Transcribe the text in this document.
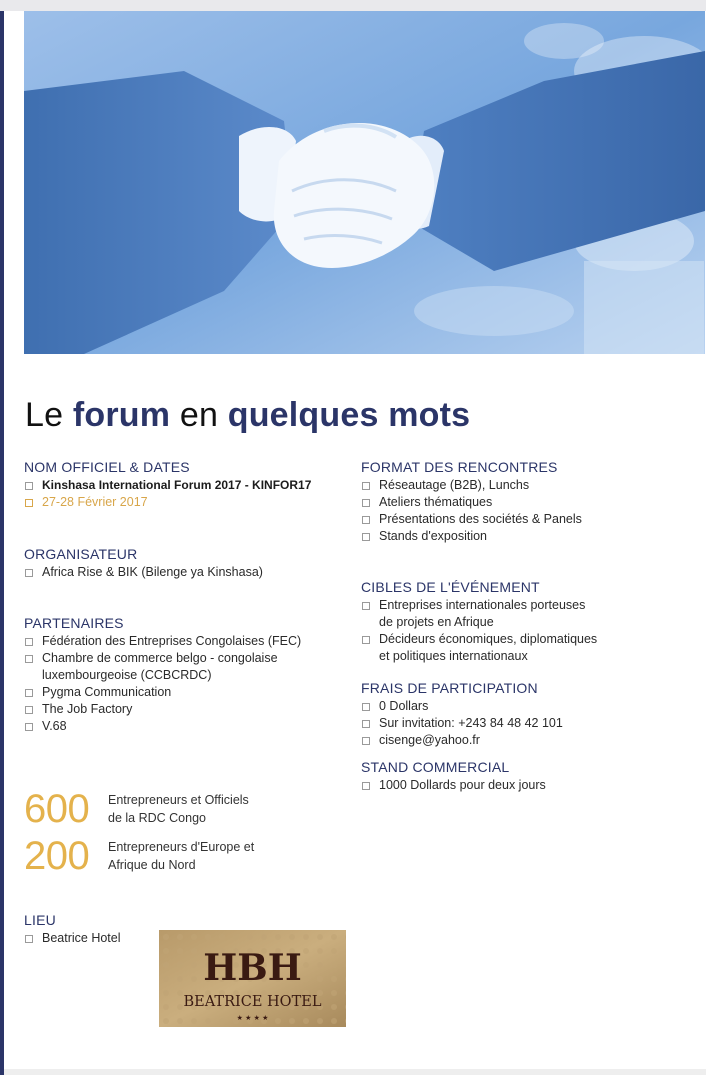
Le forum en quelques mots
NOM OFFICIEL & DATES
Kinshasa International Forum 2017 - KINFOR17
27-28 Février 2017
ORGANISATEUR
Africa Rise & BIK (Bilenge ya Kinshasa)
PARTENAIRES
Fédération des Entreprises Congolaises (FEC)
Chambre de commerce belgo - congolaise
luxembourgeoise (CCBCRDC)
Pygma Communication
The Job Factory
V.68
600	Entrepreneurs et Officiels
de la RDC Congo
200	Entrepreneurs d'Europe et
Afrique du Nord
LIEU
Beatrice Hotel
HBH
BEATRICE HOTEL
★ ★ ★ ★
FORMAT DES RENCONTRES
Réseautage (B2B), Lunchs
Ateliers thématiques
Présentations des sociétés & Panels
Stands d'exposition
CIBLES DE L'ÉVÉNEMENT
Entreprises internationales porteuses
de projets en Afrique
Décideurs économiques, diplomatiques
et politiques internationaux
FRAIS DE PARTICIPATION
0 Dollars
Sur invitation: +243 84 48 42 101
cisenge@yahoo.fr
STAND COMMERCIAL
1000 Dollards pour deux jours
